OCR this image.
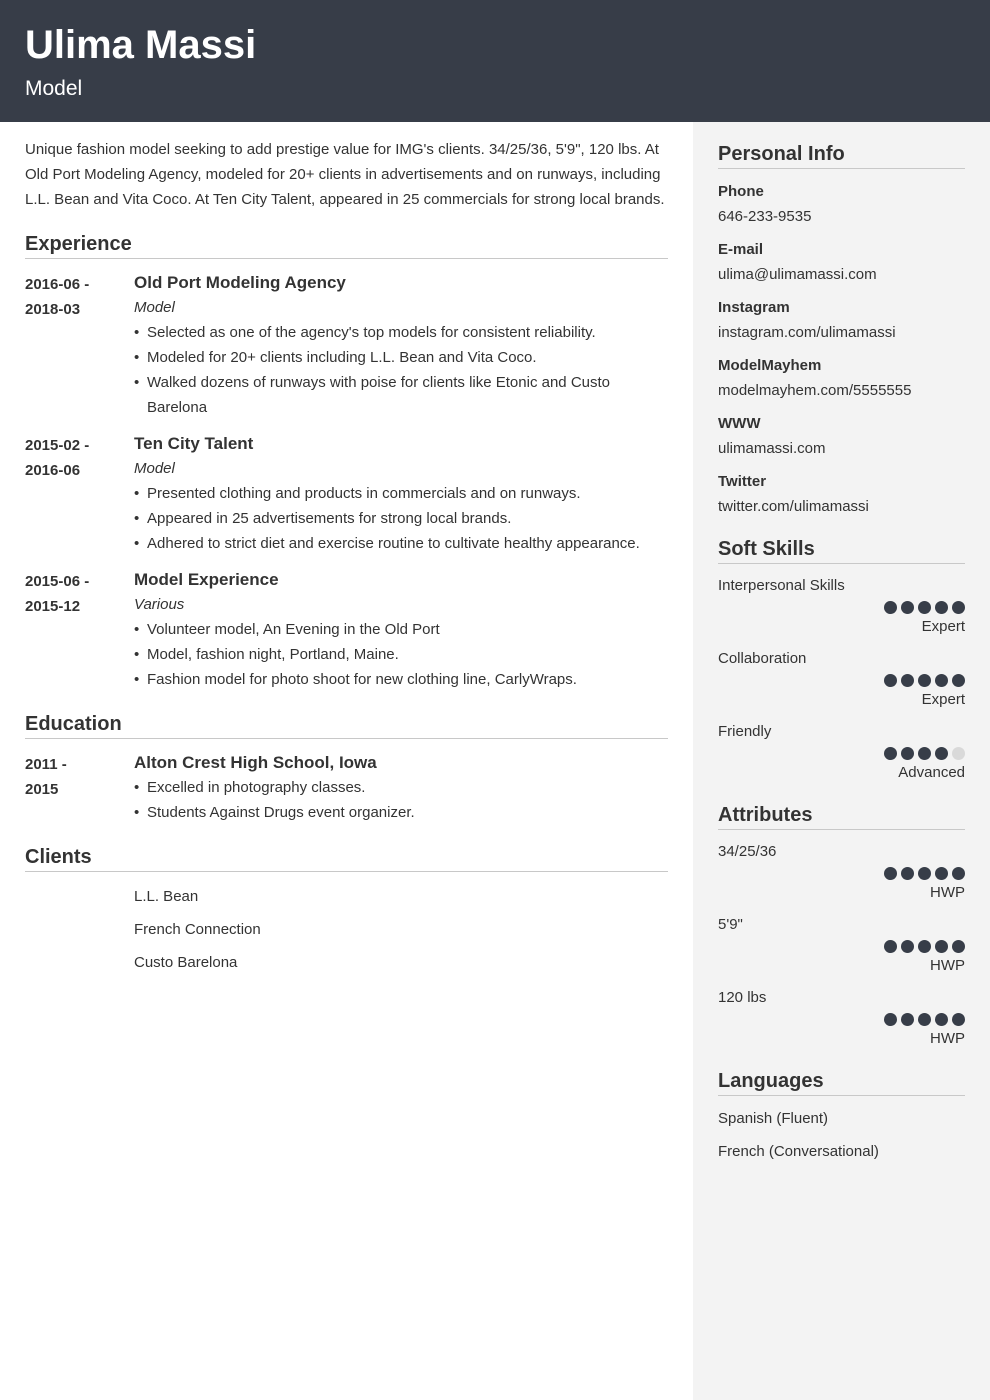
Ulima Massi
Model
Unique fashion model seeking to add prestige value for IMG's clients. 34/25/36, 5'9", 120 lbs. At Old Port Modeling Agency, modeled for 20+ clients in advertisements and on runways, including L.L. Bean and Vita Coco. At Ten City Talent, appeared in 25 commercials for strong local brands.
Experience
2016-06 -
2018-03
Old Port Modeling Agency
Model
• Selected as one of the agency's top models for consistent reliability.
• Modeled for 20+ clients including L.L. Bean and Vita Coco.
• Walked dozens of runways with poise for clients like Etonic and Custo Barelona
2015-02 -
2016-06
Ten City Talent
Model
• Presented clothing and products in commercials and on runways.
• Appeared in 25 advertisements for strong local brands.
• Adhered to strict diet and exercise routine to cultivate healthy appearance.
2015-06 -
2015-12
Model Experience
Various
• Volunteer model, An Evening in the Old Port
• Model, fashion night, Portland, Maine.
• Fashion model for photo shoot for new clothing line, CarlyWraps.
Education
2011 -
2015
Alton Crest High School, Iowa
• Excelled in photography classes.
• Students Against Drugs event organizer.
Clients
L.L. Bean
French Connection
Custo Barelona
Personal Info
Phone
646-233-9535
E-mail
ulima@ulimamassi.com
Instagram
instagram.com/ulimamassi
ModelMayhem
modelmayhem.com/5555555
WWW
ulimamassi.com
Twitter
twitter.com/ulimamassi
Soft Skills
Interpersonal Skills
Expert
Collaboration
Expert
Friendly
Advanced
Attributes
34/25/36
HWP
5'9"
HWP
120 lbs
HWP
Languages
Spanish (Fluent)
French (Conversational)
